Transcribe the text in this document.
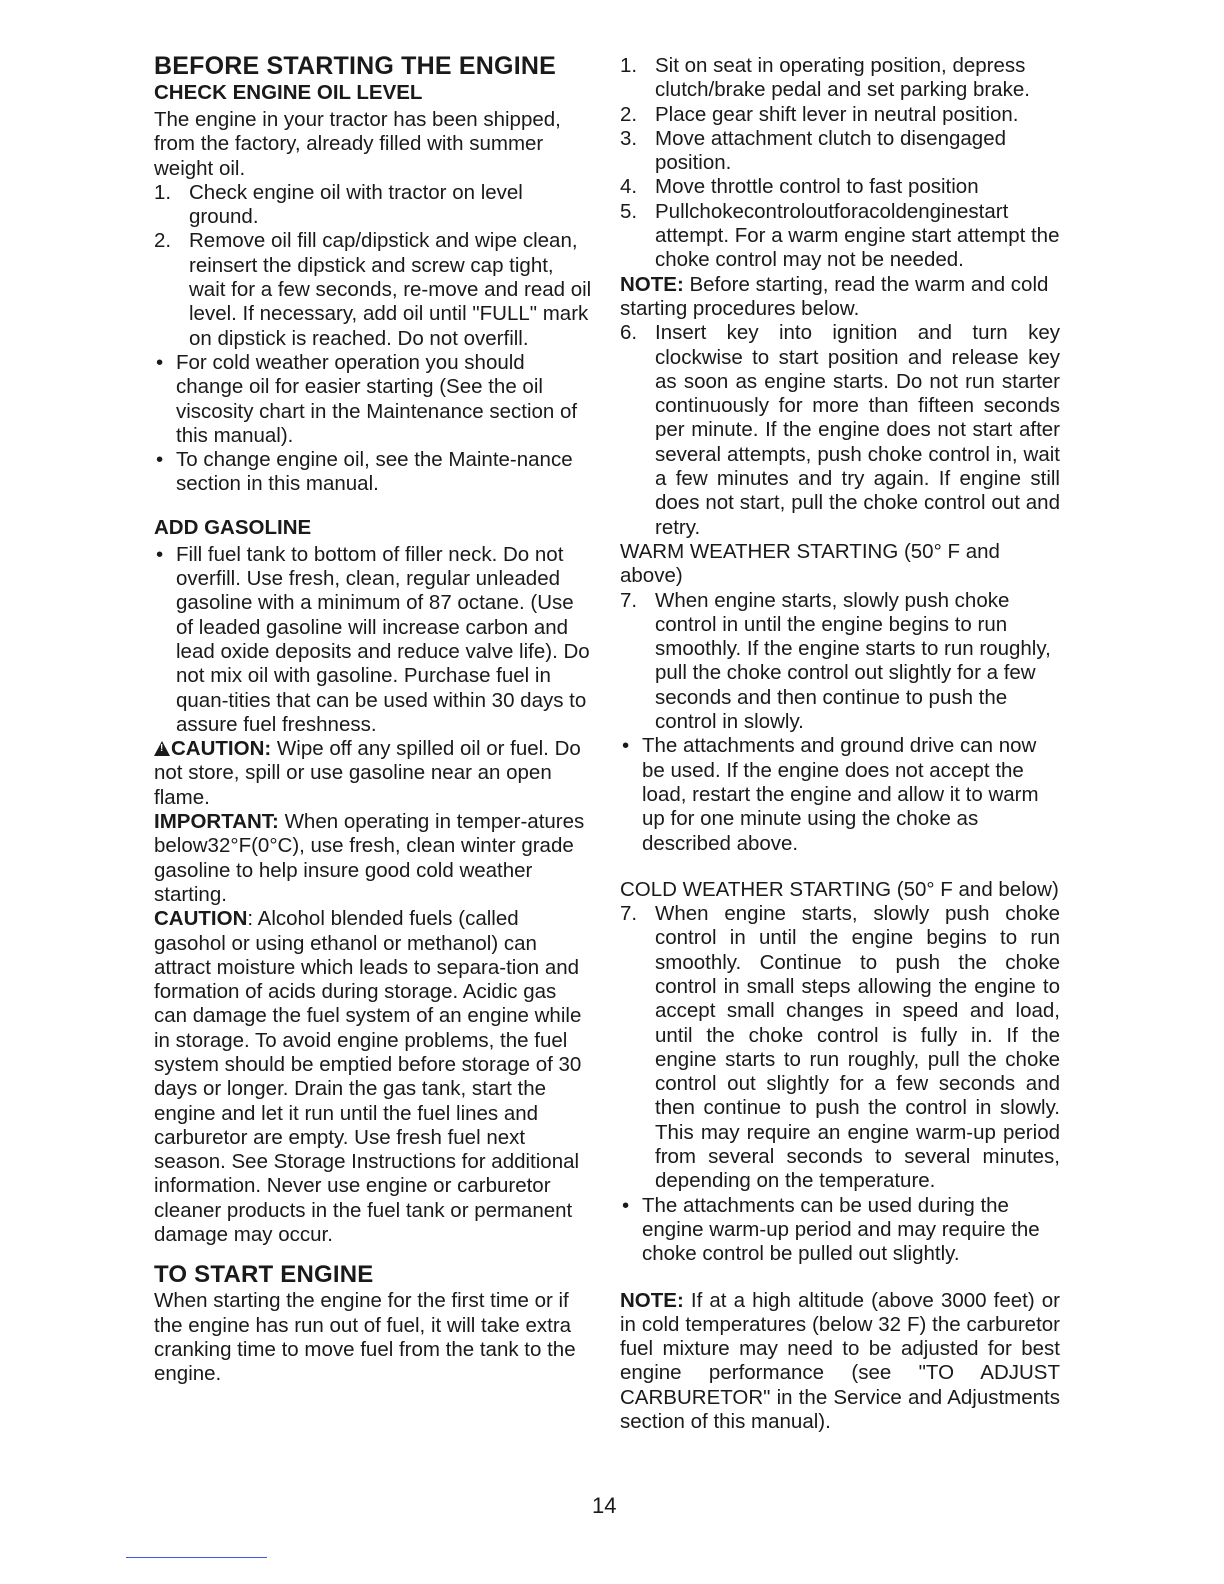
BEFORE STARTING THE ENGINE
CHECK ENGINE OIL LEVEL
The engine in your tractor has been shipped, from the factory, already filled with summer weight oil.
1. Check engine oil with tractor on level ground.
2. Remove oil fill cap/dipstick and wipe clean, reinsert the dipstick and screw cap tight, wait for a few seconds, re-move and read oil level. If necessary, add oil until "FULL" mark on dipstick is reached. Do not overfill.
• For cold weather operation you should change oil for easier starting (See the oil viscosity chart in the Maintenance section of this manual).
• To change engine oil, see the Mainte-nance section in this manual.
ADD GASOLINE
• Fill fuel tank to bottom of filler neck. Do not overfill. Use fresh, clean, regular unleaded gasoline with a minimum of 87 octane. (Use of leaded gasoline will increase carbon and lead oxide deposits and reduce valve life). Do not mix oil with gasoline. Purchase fuel in quan-tities that can be used within 30 days to assure fuel freshness.
!CAUTION: Wipe off any spilled oil or fuel. Do not store, spill or use gasoline near an open flame.
IMPORTANT: When operating in temper-atures below32°F(0°C), use fresh, clean winter grade gasoline to help insure good cold weather starting.
CAUTION: Alcohol blended fuels (called gasohol or using ethanol or methanol) can attract moisture which leads to separa-tion and formation of acids during storage. Acidic gas can damage the fuel system of an engine while in storage. To avoid engine problems, the fuel system should be emptied before storage of 30 days or longer. Drain the gas tank, start the engine and let it run until the fuel lines and carburetor are empty. Use fresh fuel next season. See Storage Instructions for additional information. Never use engine or carburetor cleaner products in the fuel tank or permanent damage may occur.
TO START ENGINE
When starting the engine for the first time or if the engine has run out of fuel, it will take extra cranking time to move fuel from the tank to the engine.
1. Sit on seat in operating position, depress clutch/brake pedal and set parking brake.
2. Place gear shift lever in neutral position.
3. Move attachment clutch to disengaged position.
4. Move throttle control to fast position
5. Pullchokecontroloutforacoldenginestart attempt. For a warm engine start attempt the choke control may not be needed.
NOTE: Before starting, read the warm and cold starting procedures below.
6. Insert key into ignition and turn key clockwise to start position and release key as soon as engine starts. Do not run starter continuously for more than fifteen seconds per minute. If the engine does not start after several attempts, push choke control in, wait a few minutes and try again. If engine still does not start, pull the choke control out and retry.
WARM WEATHER STARTING (50° F and above)
7. When engine starts, slowly push choke control in until the engine begins to run smoothly. If the engine starts to run roughly, pull the choke control out slightly for a few seconds and then continue to push the control in slowly.
• The attachments and ground drive can now be used. If the engine does not accept the load, restart the engine and allow it to warm up for one minute using the choke as described above.
COLD WEATHER STARTING (50° F and below)
7. When engine starts, slowly push choke control in until the engine begins to run smoothly. Continue to push the choke control in small steps allowing the engine to accept small changes in speed and load, until the choke control is fully in. If the engine starts to run roughly, pull the choke control out slightly for a few seconds and then continue to push the control in slowly. This may require an engine warm-up period from several seconds to several minutes, depending on the temperature.
• The attachments can be used during the engine warm-up period and may require the choke control be pulled out slightly.
NOTE: If at a high altitude (above 3000 feet) or in cold temperatures (below 32 F) the carburetor fuel mixture may need to be adjusted for best engine performance (see "TO ADJUST CARBURETOR" in the Service and Adjustments section of this manual).
14
